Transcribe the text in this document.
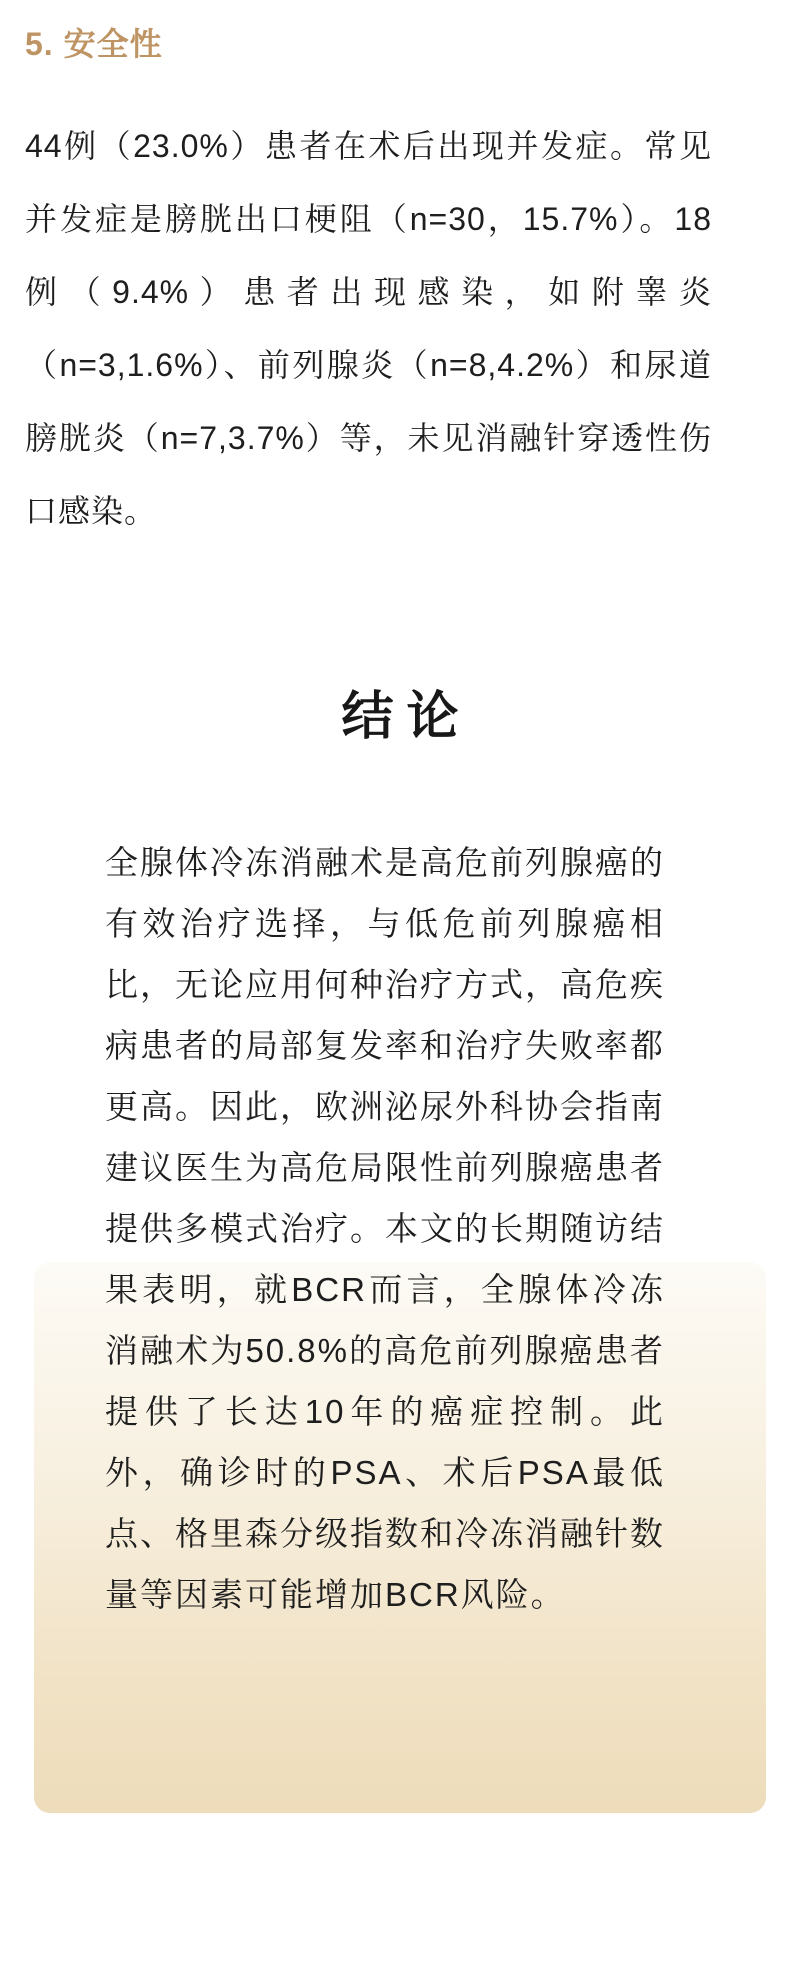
5. 安全性

44例（23.0%）患者在术后出现并发症。常见并发症是膀胱出口梗阻（n=30，15.7%）。18例（9.4%）患者出现感染，如附睾炎（n=3,1.6%）、前列腺炎（n=8,4.2%）和尿道膀胱炎（n=7,3.7%）等，未见消融针穿透性伤口感染。

结 论

全腺体冷冻消融术是高危前列腺癌的有效治疗选择，与低危前列腺癌相比，无论应用何种治疗方式，高危疾病患者的局部复发率和治疗失败率都更高。因此，欧洲泌尿外科协会指南建议医生为高危局限性前列腺癌患者提供多模式治疗。本文的长期随访结果表明，就BCR而言，全腺体冷冻消融术为50.8%的高危前列腺癌患者提供了长达10年的癌症控制。此外，确诊时的PSA、术后PSA最低点、格里森分级指数和冷冻消融针数量等因素可能增加BCR风险。
